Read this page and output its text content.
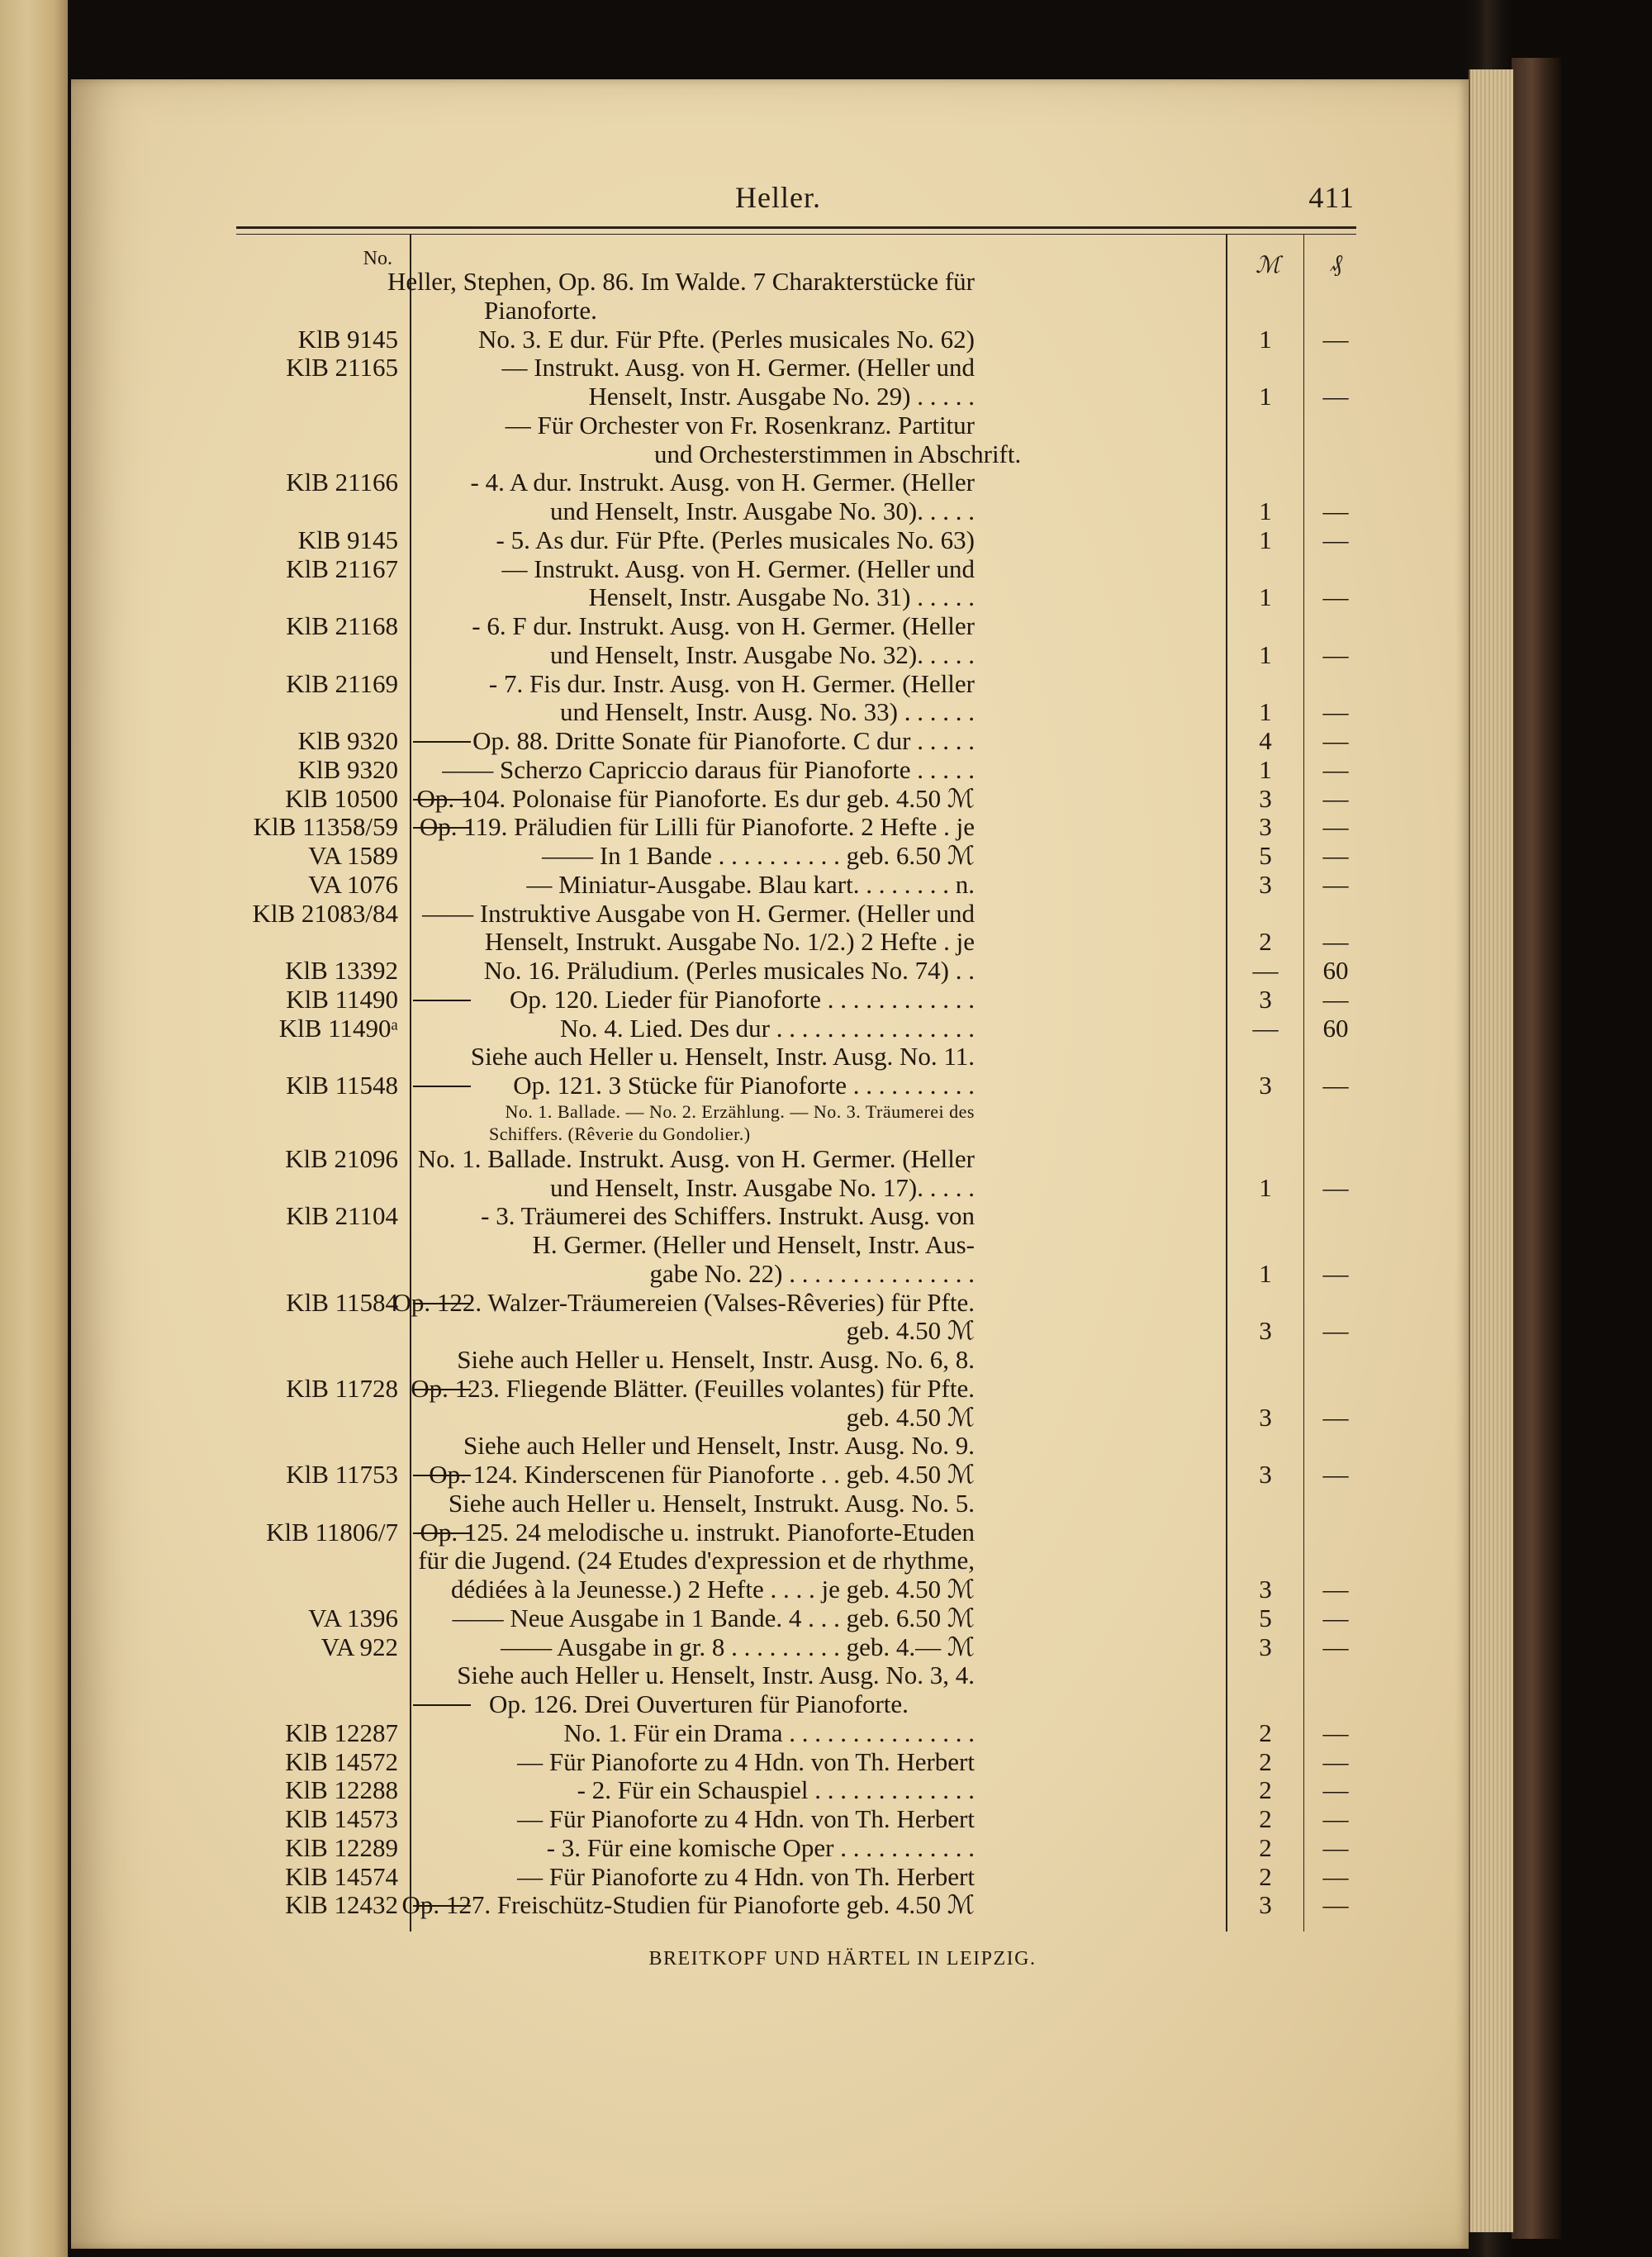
Heller.	411
No.	ℳ	₰
Heller, Stephen, Op. 86. Im Walde. 7 Charakterstücke für
Pianoforte.
KlB 9145	No. 3. E dur. Für Pfte. (Perles musicales No. 62)	1	—
KlB 21165	— Instrukt. Ausg. von H. Germer. (Heller und
Henselt, Instr. Ausgabe No. 29) . . . . .	1	—
— Für Orchester von Fr. Rosenkranz. Partitur
und Orchesterstimmen in Abschrift.
KlB 21166	- 4. A dur. Instrukt. Ausg. von H. Germer. (Heller
und Henselt, Instr. Ausgabe No. 30). . . . .	1	—
KlB 9145	- 5. As dur. Für Pfte. (Perles musicales No. 63)	1	—
KlB 21167	— Instrukt. Ausg. von H. Germer. (Heller und
Henselt, Instr. Ausgabe No. 31) . . . . .	1	—
KlB 21168	- 6. F dur. Instrukt. Ausg. von H. Germer. (Heller
und Henselt, Instr. Ausgabe No. 32). . . . .	1	—
KlB 21169	- 7. Fis dur. Instr. Ausg. von H. Germer. (Heller
und Henselt, Instr. Ausg. No. 33) . . . . . .	1	—
KlB 9320	Op. 88. Dritte Sonate für Pianoforte. C dur . . . . .	4	—
KlB 9320 —— Scherzo Capriccio daraus für Pianoforte . . . . .	1	—
KlB 10500 Op. 104. Polonaise für Pianoforte. Es dur geb. 4.50 ℳ	3	—
KlB 11358/59 Op. 119. Präludien für Lilli für Pianoforte. 2 Hefte . je	3	—
VA 1589	—— In 1 Bande . . . . . . . . . . geb. 6.50 ℳ	5	—
VA 1076	— Miniatur-Ausgabe. Blau kart. . . . . . . . n.	3	—
KlB 21083/84 —— Instruktive Ausgabe von H. Germer. (Heller und
Henselt, Instrukt. Ausgabe No. 1/2.) 2 Hefte . je	2	—
KlB 13392	No. 16. Präludium. (Perles musicales No. 74) . .	—	60
KlB 11490	Op. 120. Lieder für Pianoforte . . . . . . . . . . . .	3	—
KlB 11490ᵃ	No. 4. Lied. Des dur . . . . . . . . . . . . . . . .	—	60
Siehe auch Heller u. Henselt, Instr. Ausg. No. 11.
KlB 11548	Op. 121. 3 Stücke für Pianoforte . . . . . . . . . .	3	—
No. 1. Ballade. — No. 2. Erzählung. — No. 3. Träumerei des
Schiffers. (Rêverie du Gondolier.)
KlB 21096 No. 1. Ballade. Instrukt. Ausg. von H. Germer. (Heller
und Henselt, Instr. Ausgabe No. 17). . . . .	1	—
KlB 21104	- 3. Träumerei des Schiffers. Instrukt. Ausg. von
H. Germer. (Heller und Henselt, Instr. Aus-
gabe No. 22) . . . . . . . . . . . . . . .	1	—
KlB 11584
Op. 122. Walzer-Träumereien (Valses-Rêveries) für Pfte.
geb. 4.50 ℳ	3	—
Siehe auch Heller u. Henselt, Instr. Ausg. No. 6, 8.
KlB 11728 Op. 123. Fliegende Blätter. (Feuilles volantes) für Pfte.
geb. 4.50 ℳ	3	—
Siehe auch Heller und Henselt, Instr. Ausg. No. 9.
KlB 11753 Op. 124. Kinderscenen für Pianoforte . . geb. 4.50 ℳ	3	—
Siehe auch Heller u. Henselt, Instrukt. Ausg. No. 5.
KlB 11806/7 Op. 125. 24 melodische u. instrukt. Pianoforte-Etuden
für die Jugend. (24 Etudes d'expression et de rhythme,
dédiées à la Jeunesse.) 2 Hefte . . . . je geb. 4.50 ℳ	3	—
VA 1396 —— Neue Ausgabe in 1 Bande. 4 . . . geb. 6.50 ℳ	5	—
VA 922	—— Ausgabe in gr. 8 . . . . . . . . . geb. 4.— ℳ	3	—
Siehe auch Heller u. Henselt, Instr. Ausg. No. 3, 4.
Op. 126. Drei Ouverturen für Pianoforte.
KlB 12287	No. 1. Für ein Drama . . . . . . . . . . . . . . .	2	—
KlB 14572	— Für Pianoforte zu 4 Hdn. von Th. Herbert	2	—
KlB 12288	- 2. Für ein Schauspiel . . . . . . . . . . . . .	2	—
KlB 14573	— Für Pianoforte zu 4 Hdn. von Th. Herbert	2	—
KlB 12289	- 3. Für eine komische Oper . . . . . . . . . . .	2	—
KlB 14574	— Für Pianoforte zu 4 Hdn. von Th. Herbert	2	—
KlB 12432 Op. 127. Freischütz-Studien für Pianoforte geb. 4.50 ℳ	3	—
BREITKOPF UND HÄRTEL IN LEIPZIG.
